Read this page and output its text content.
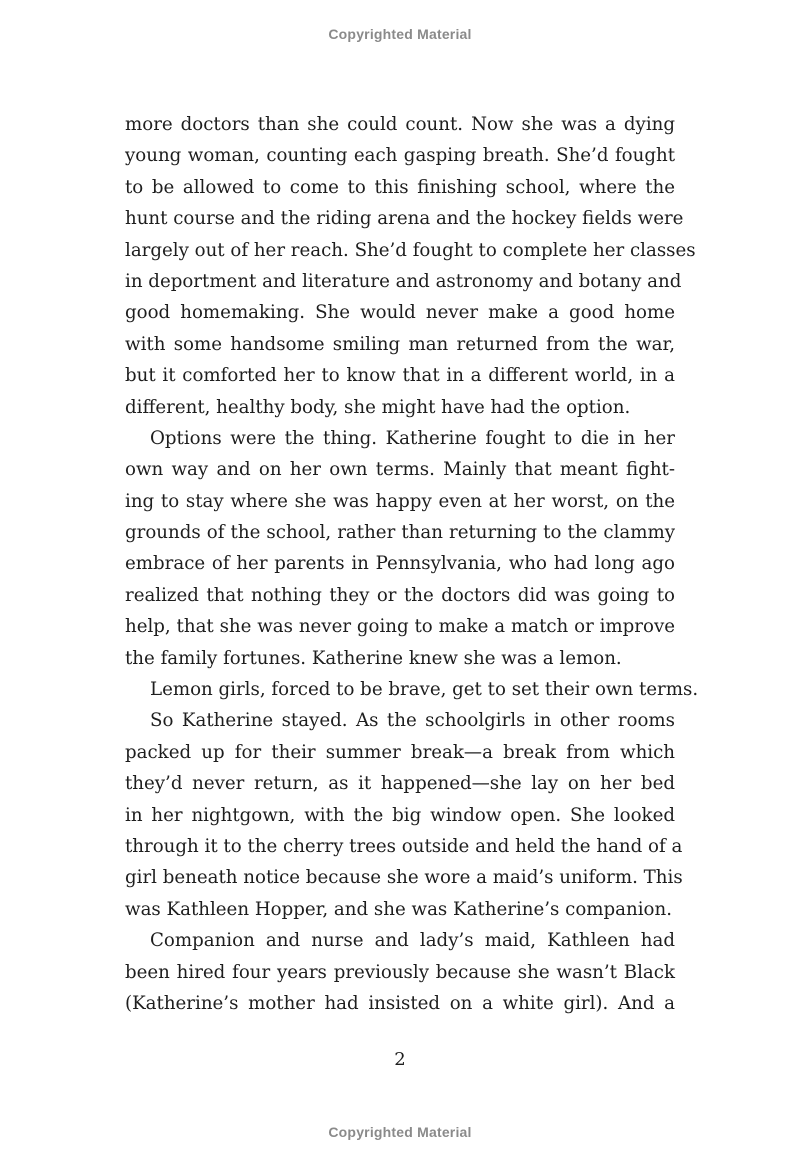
Copyrighted Material
more doctors than she could count. Now she was a dying
young woman, counting each gasping breath. She’d fought
to be allowed to come to this finishing school, where the
hunt course and the riding arena and the hockey fields were
largely out of her reach. She’d fought to complete her classes
in deportment and literature and astronomy and botany and
good homemaking. She would never make a good home
with some handsome smiling man returned from the war,
but it comforted her to know that in a different world, in a
different, healthy body, she might have had the option.
Options were the thing. Katherine fought to die in her
own way and on her own terms. Mainly that meant fight-
ing to stay where she was happy even at her worst, on the
grounds of the school, rather than returning to the clammy
embrace of her parents in Pennsylvania, who had long ago
realized that nothing they or the doctors did was going to
help, that she was never going to make a match or improve
the family fortunes. Katherine knew she was a lemon.
Lemon girls, forced to be brave, get to set their own terms.
So Katherine stayed. As the schoolgirls in other rooms
packed up for their summer break—a break from which
they’d never return, as it happened—she lay on her bed
in her nightgown, with the big window open. She looked
through it to the cherry trees outside and held the hand of a
girl beneath notice because she wore a maid’s uniform. This
was Kathleen Hopper, and she was Katherine’s companion.
Companion and nurse and lady’s maid, Kathleen had
been hired four years previously because she wasn’t Black
(Katherine’s mother had insisted on a white girl). And a
2
Copyrighted Material
